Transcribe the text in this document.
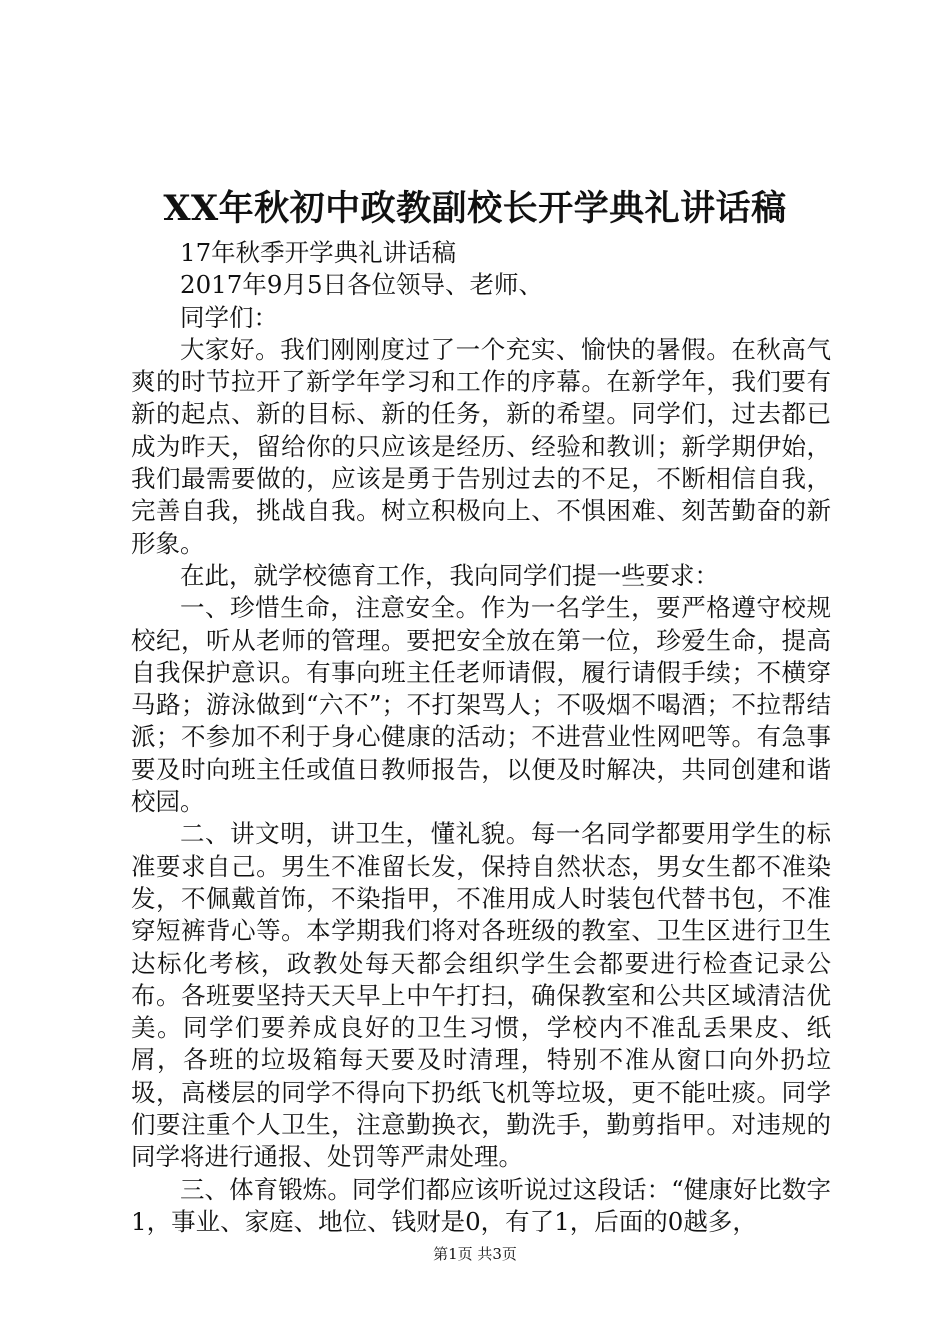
XX年秋初中政教副校长开学典礼讲话稿

17年秋季开学典礼讲话稿

2017年9月5日各位领导、老师、

同学们：

大家好。我们刚刚度过了一个充实、愉快的暑假。在秋高气爽的时节拉开了新学年学习和工作的序幕。在新学年，我们要有新的起点、新的目标、新的任务，新的希望。同学们，过去都已成为昨天，留给你的只应该是经历、经验和教训；新学期伊始，我们最需要做的，应该是勇于告别过去的不足，不断相信自我，完善自我，挑战自我。树立积极向上、不惧困难、刻苦勤奋的新形象。

在此，就学校德育工作，我向同学们提一些要求：

一、珍惜生命，注意安全。作为一名学生，要严格遵守校规校纪，听从老师的管理。要把安全放在第一位，珍爱生命，提高自我保护意识。有事向班主任老师请假，履行请假手续；不横穿马路；游泳做到“六不”；不打架骂人；不吸烟不喝酒；不拉帮结派；不参加不利于身心健康的活动；不进营业性网吧等。有急事要及时向班主任或值日教师报告，以便及时解决，共同创建和谐校园。

二、讲文明，讲卫生，懂礼貌。每一名同学都要用学生的标准要求自己。男生不准留长发，保持自然状态，男女生都不准染发，不佩戴首饰，不染指甲，不准用成人时装包代替书包，不准穿短裤背心等。本学期我们将对各班级的教室、卫生区进行卫生达标化考核，政教处每天都会组织学生会都要进行检查记录公布。各班要坚持天天早上中午打扫，确保教室和公共区域清洁优美。同学们要养成良好的卫生习惯，学校内不准乱丢果皮、纸屑，各班的垃圾箱每天要及时清理，特别不准从窗口向外扔垃圾，高楼层的同学不得向下扔纸飞机等垃圾，更不能吐痰。同学们要注重个人卫生，注意勤换衣，勤洗手，勤剪指甲。对违规的同学将进行通报、处罚等严肃处理。

三、体育锻炼。同学们都应该听说过这段话：“健康好比数字1，事业、家庭、地位、钱财是0，有了1，后面的0越多，

第1页 共3页
